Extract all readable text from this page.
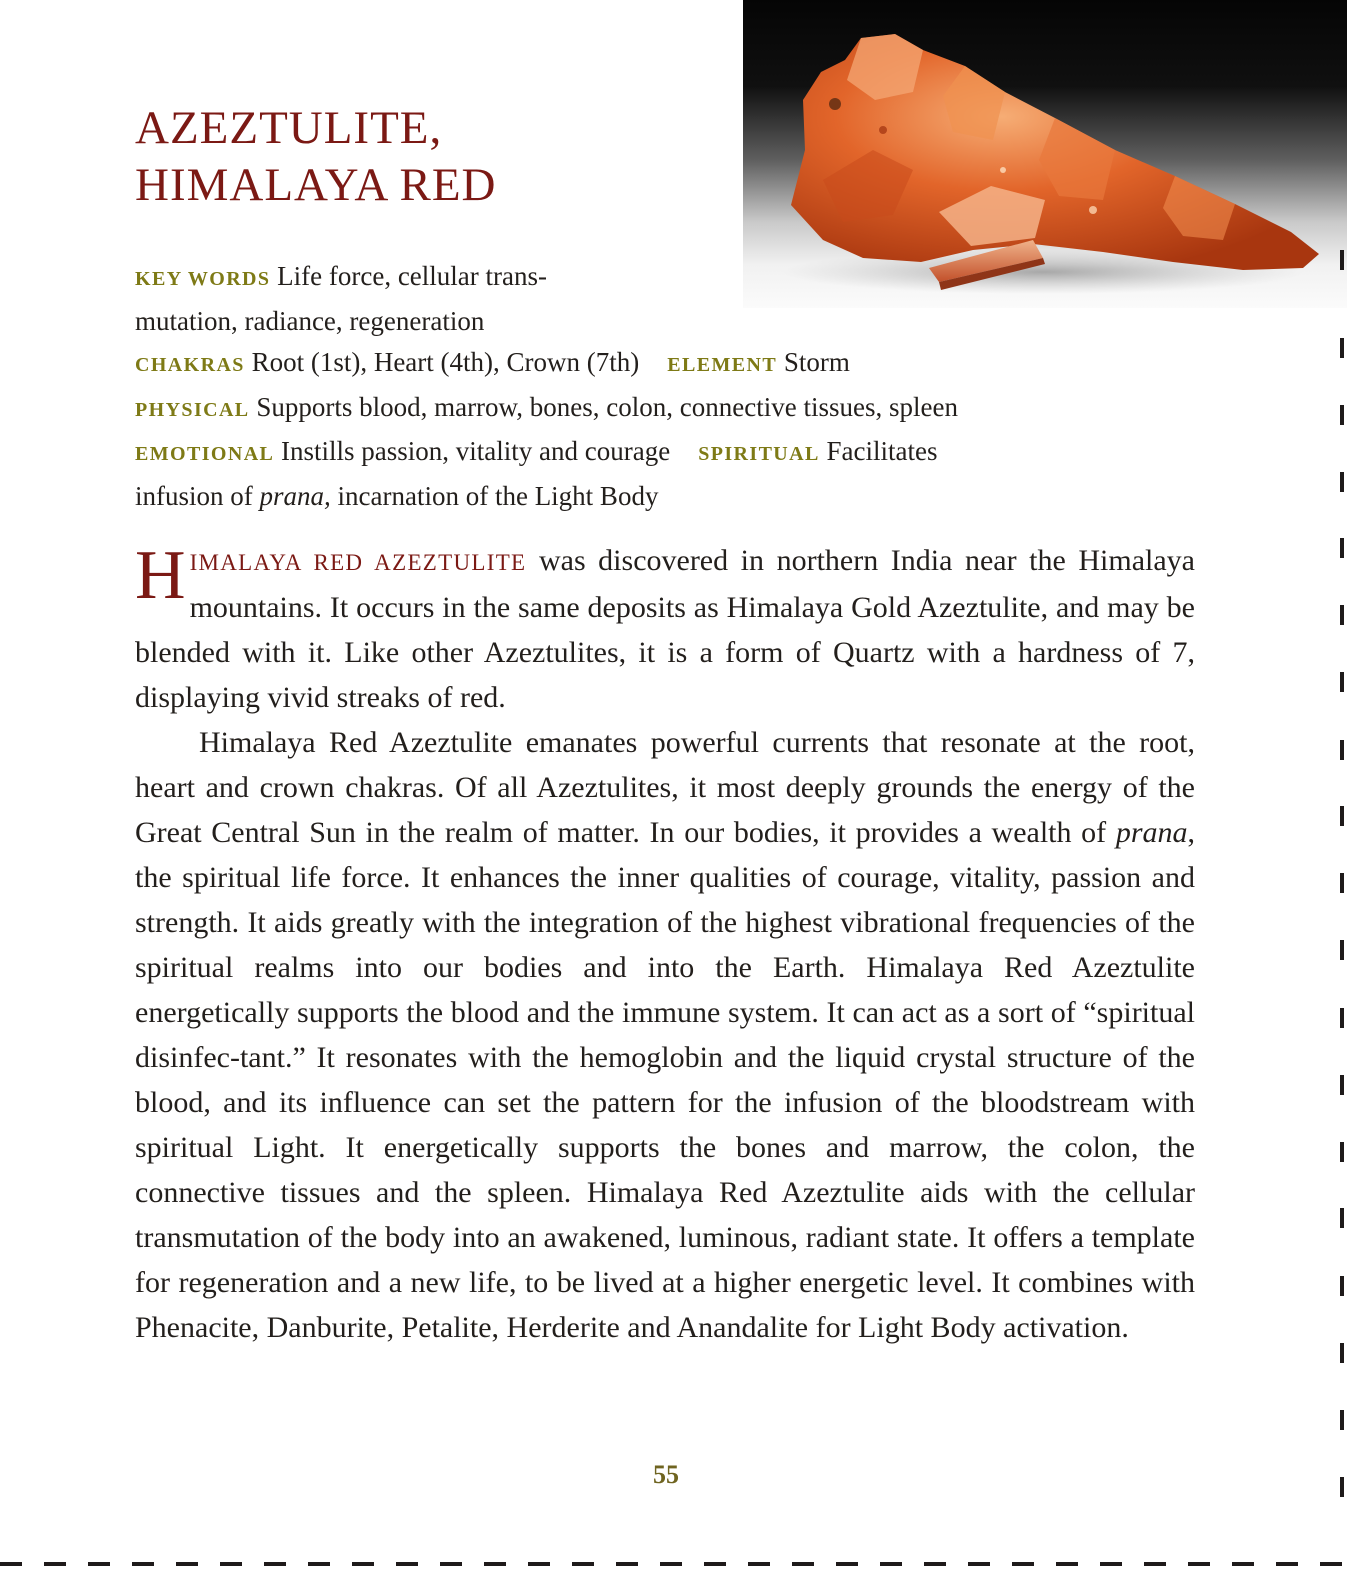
AZEZTULITE,
HIMALAYA RED
KEY WORDS Life force, cellular trans-
mutation, radiance, regeneration
CHAKRAS Root (1st), Heart (4th), Crown (7th) ELEMENT Storm
PHYSICAL Supports blood, marrow, bones, colon, connective tissues, spleen
EMOTIONAL Instills passion, vitality and courage SPIRITUAL Facilitates
infusion of prana, incarnation of the Light Body

HIMALAYA RED AZEZTULITE was discovered in northern India near the Himalaya mountains. It occurs in the same deposits as Himalaya Gold Azeztulite, and may be blended with it. Like other Azeztulites, it is a form of Quartz with a hardness of 7, displaying vivid streaks of red.

Himalaya Red Azeztulite emanates powerful currents that resonate at the root, heart and crown chakras. Of all Azeztulites, it most deeply grounds the energy of the Great Central Sun in the realm of matter. In our bodies, it provides a wealth of prana, the spiritual life force. It enhances the inner qualities of courage, vitality, passion and strength. It aids greatly with the integration of the highest vibrational frequencies of the spiritual realms into our bodies and into the Earth. Himalaya Red Azeztulite energetically supports the blood and the immune system. It can act as a sort of “spiritual disinfec-tant.” It resonates with the hemoglobin and the liquid crystal structure of the blood, and its influence can set the pattern for the infusion of the bloodstream with spiritual Light. It energetically supports the bones and marrow, the colon, the connective tissues and the spleen. Himalaya Red Azeztulite aids with the cellular transmutation of the body into an awakened, luminous, radiant state. It offers a template for regeneration and a new life, to be lived at a higher energetic level. It combines with Phenacite, Danburite, Petalite, Herderite and Anandalite for Light Body activation.

55
